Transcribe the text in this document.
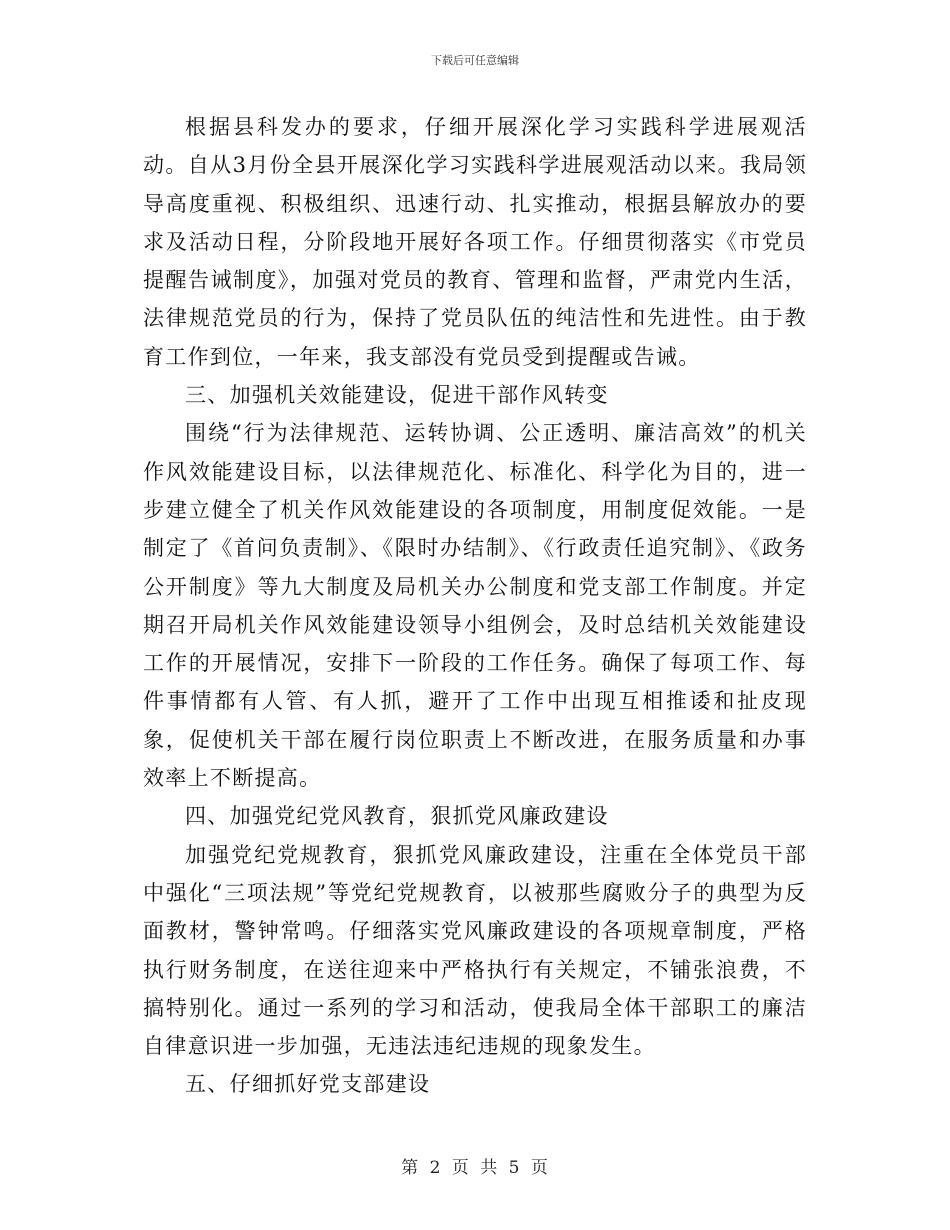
下载后可任意编辑

根据县科发办的要求，仔细开展深化学习实践科学进展观活动。自从3月份全县开展深化学习实践科学进展观活动以来。我局领导高度重视、积极组织、迅速行动、扎实推动，根据县解放办的要求及活动日程，分阶段地开展好各项工作。仔细贯彻落实《市党员提醒告诫制度》，加强对党员的教育、管理和监督，严肃党内生活，法律规范党员的行为，保持了党员队伍的纯洁性和先进性。由于教育工作到位，一年来，我支部没有党员受到提醒或告诫。

三、加强机关效能建设，促进干部作风转变

围绕“行为法律规范、运转协调、公正透明、廉洁高效”的机关作风效能建设目标，以法律规范化、标准化、科学化为目的，进一步建立健全了机关作风效能建设的各项制度，用制度促效能。一是制定了《首问负责制》、《限时办结制》、《行政责任追究制》、《政务公开制度》等九大制度及局机关办公制度和党支部工作制度。并定期召开局机关作风效能建设领导小组例会，及时总结机关效能建设工作的开展情况，安排下一阶段的工作任务。确保了每项工作、每件事情都有人管、有人抓，避开了工作中出现互相推诿和扯皮现象，促使机关干部在履行岗位职责上不断改进，在服务质量和办事效率上不断提高。

四、加强党纪党风教育，狠抓党风廉政建设

加强党纪党规教育，狠抓党风廉政建设，注重在全体党员干部中强化“三项法规”等党纪党规教育，以被那些腐败分子的典型为反面教材，警钟常鸣。仔细落实党风廉政建设的各项规章制度，严格执行财务制度，在送往迎来中严格执行有关规定，不铺张浪费，不搞特别化。通过一系列的学习和活动，使我局全体干部职工的廉洁自律意识进一步加强，无违法违纪违规的现象发生。

五、仔细抓好党支部建设

第 2 页 共 5 页
